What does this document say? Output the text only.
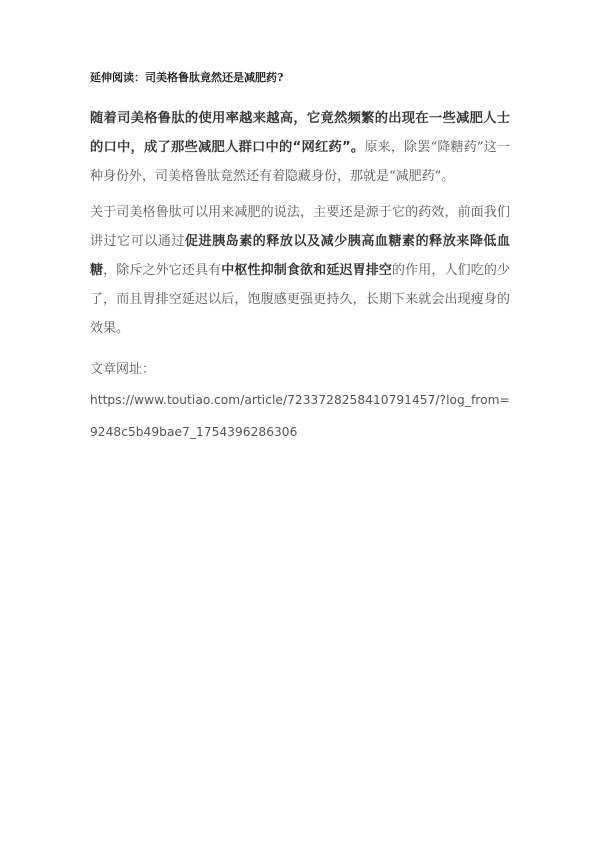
延伸阅读：司美格鲁肽竟然还是减肥药?

随着司美格鲁肽的使用率越来越高，它竟然频繁的出现在一些减肥人士的口中，成了那些减肥人群口中的“网红药”。原来，除罢“降糖药”这一种身份外，司美格鲁肽竟然还有着隐藏身份，那就是“减肥药”。

关于司美格鲁肽可以用来减肥的说法，主要还是源于它的药效，前面我们讲过它可以通过促进胰岛素的释放以及减少胰高血糖素的释放来降低血糖，除斥之外它还具有中枢性抑制食欲和延迟胃排空的作用，人们吃的少了，而且胃排空延迟以后，饱腹感更强更持久，长期下来就会出现瘦身的效果。

文章网址：

https://www.toutiao.com/article/7233728258410791457/?log_from=9248c5b49bae7_1754396286306
